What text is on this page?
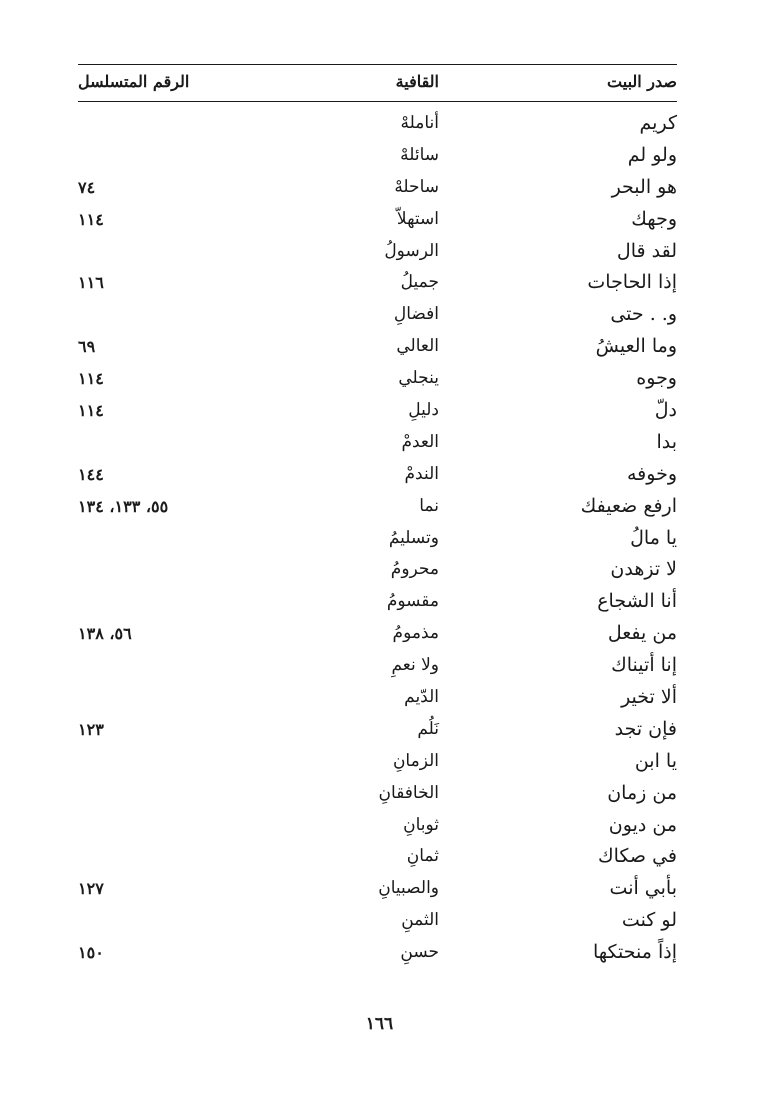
صدر البيت
القافية
الرقم المتسلسل
كريم
أناملهْ
ولو لم
سائلهْ
هو البحر
ساحلهْ
٧٤
وجهك
استهلاّ
١١٤
لقد قال
الرسولُ
إذا الحاجات
جميلُ
١١٦
و. . حتى
افضالِ
وما العيشُ
العالي
٦٩
وجوه
ينجلي
١١٤
دلّ
دليلِ
١١٤
بدا
العدمْ
وخوفه
الندمْ
١٤٤
ارفع ضعيفك
نما
٥٥، ١٣٣، ١٣٤
يا مالُ
وتسليمُ
لا تزهدن
محرومُ
أنا الشجاع
مقسومُ
من يفعل
مذمومُ
٥٦، ١٣٨
إنا أتيناك
ولا نعمِ
ألا تخير
الدّيم
فإن تجد
نَلُم
١٢٣
يا ابن
الزمانِ
من زمان
الخافقانِ
من ديون
ثوبانِ
في صكاك
ثمانِ
بأبي أنت
والصبيانِ
١٢٧
لو كنت
الثمنِ
إذاً منحتكها
حسنِ
١٥٠
١٦٦
